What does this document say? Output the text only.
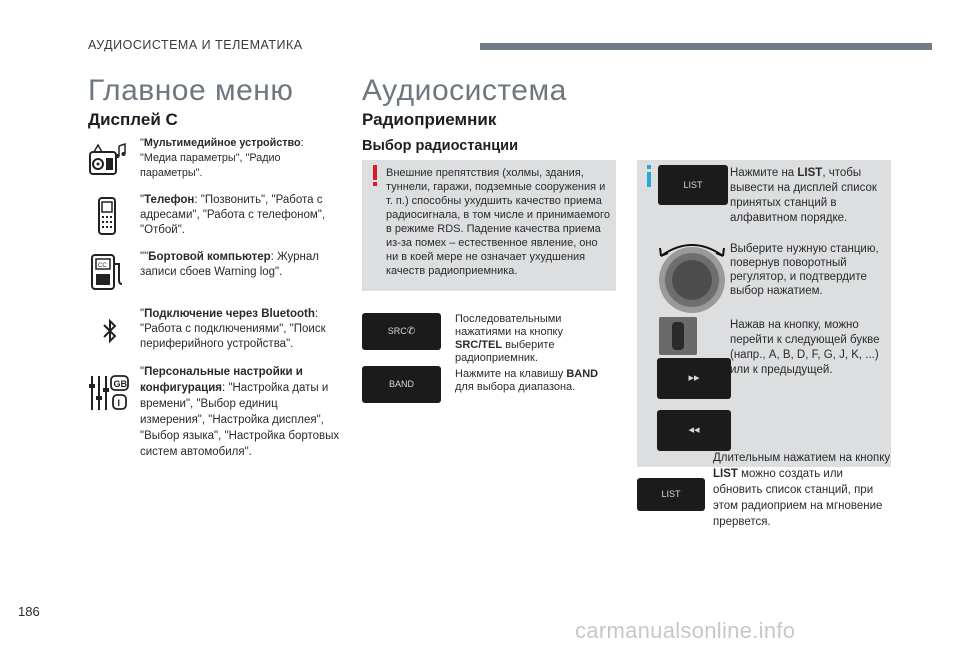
АУДИОСИСТЕМА И ТЕЛЕМАТИКА
Главное меню
Дисплей C
"Мультимедийное устройство: "Медиа параметры", "Радио параметры".
"Телефон: "Позвонить", "Работа с адресами", "Работа с телефоном", "Отбой".
CC
""Бортовой компьютер: Журнал записи сбоев Warning log".
"Подключение через Bluetooth: "Работа с подключениями", "Поиск периферийного устройства".
GB
I
"Персональные настройки и конфигурация: "Настройка даты и времени", "Выбор единиц измерения", "Настройка дисплея", "Выбор языка", "Настройка бортовых систем автомобиля".
Аудиосистема
Радиоприемник
Выбор радиостанции
Внешние препятствия (холмы, здания, туннели, гаражи, подземные сооружения и т. п.) способны ухудшить качество приема радиосигнала, в том числе и принимаемого в режиме RDS. Падение качества приема из-за помех – естественное явление, оно ни в коей мере не означает ухудшения качеств радиоприемника.
SRC✆
Последовательными нажатиями на кнопку SRC/TEL выберите радиоприемник.
BAND
Нажмите на клавишу BAND для выбора диапазона.
LIST
Нажмите на LIST, чтобы вывести на дисплей список принятых станций в алфавитном порядке.
Выберите нужную станцию, повернув поворотный регулятор, и подтвердите выбор нажатием.
▸▸
◂◂
Нажав на кнопку, можно перейти к следующей букве (напр., A, B, D, F, G, J, K, ...) или к предыдущей.
LIST
Длительным нажатием на кнопку LIST можно создать или обновить список станций, при этом радиоприем на мгновение прервется.
186
carmanualsonline.info
